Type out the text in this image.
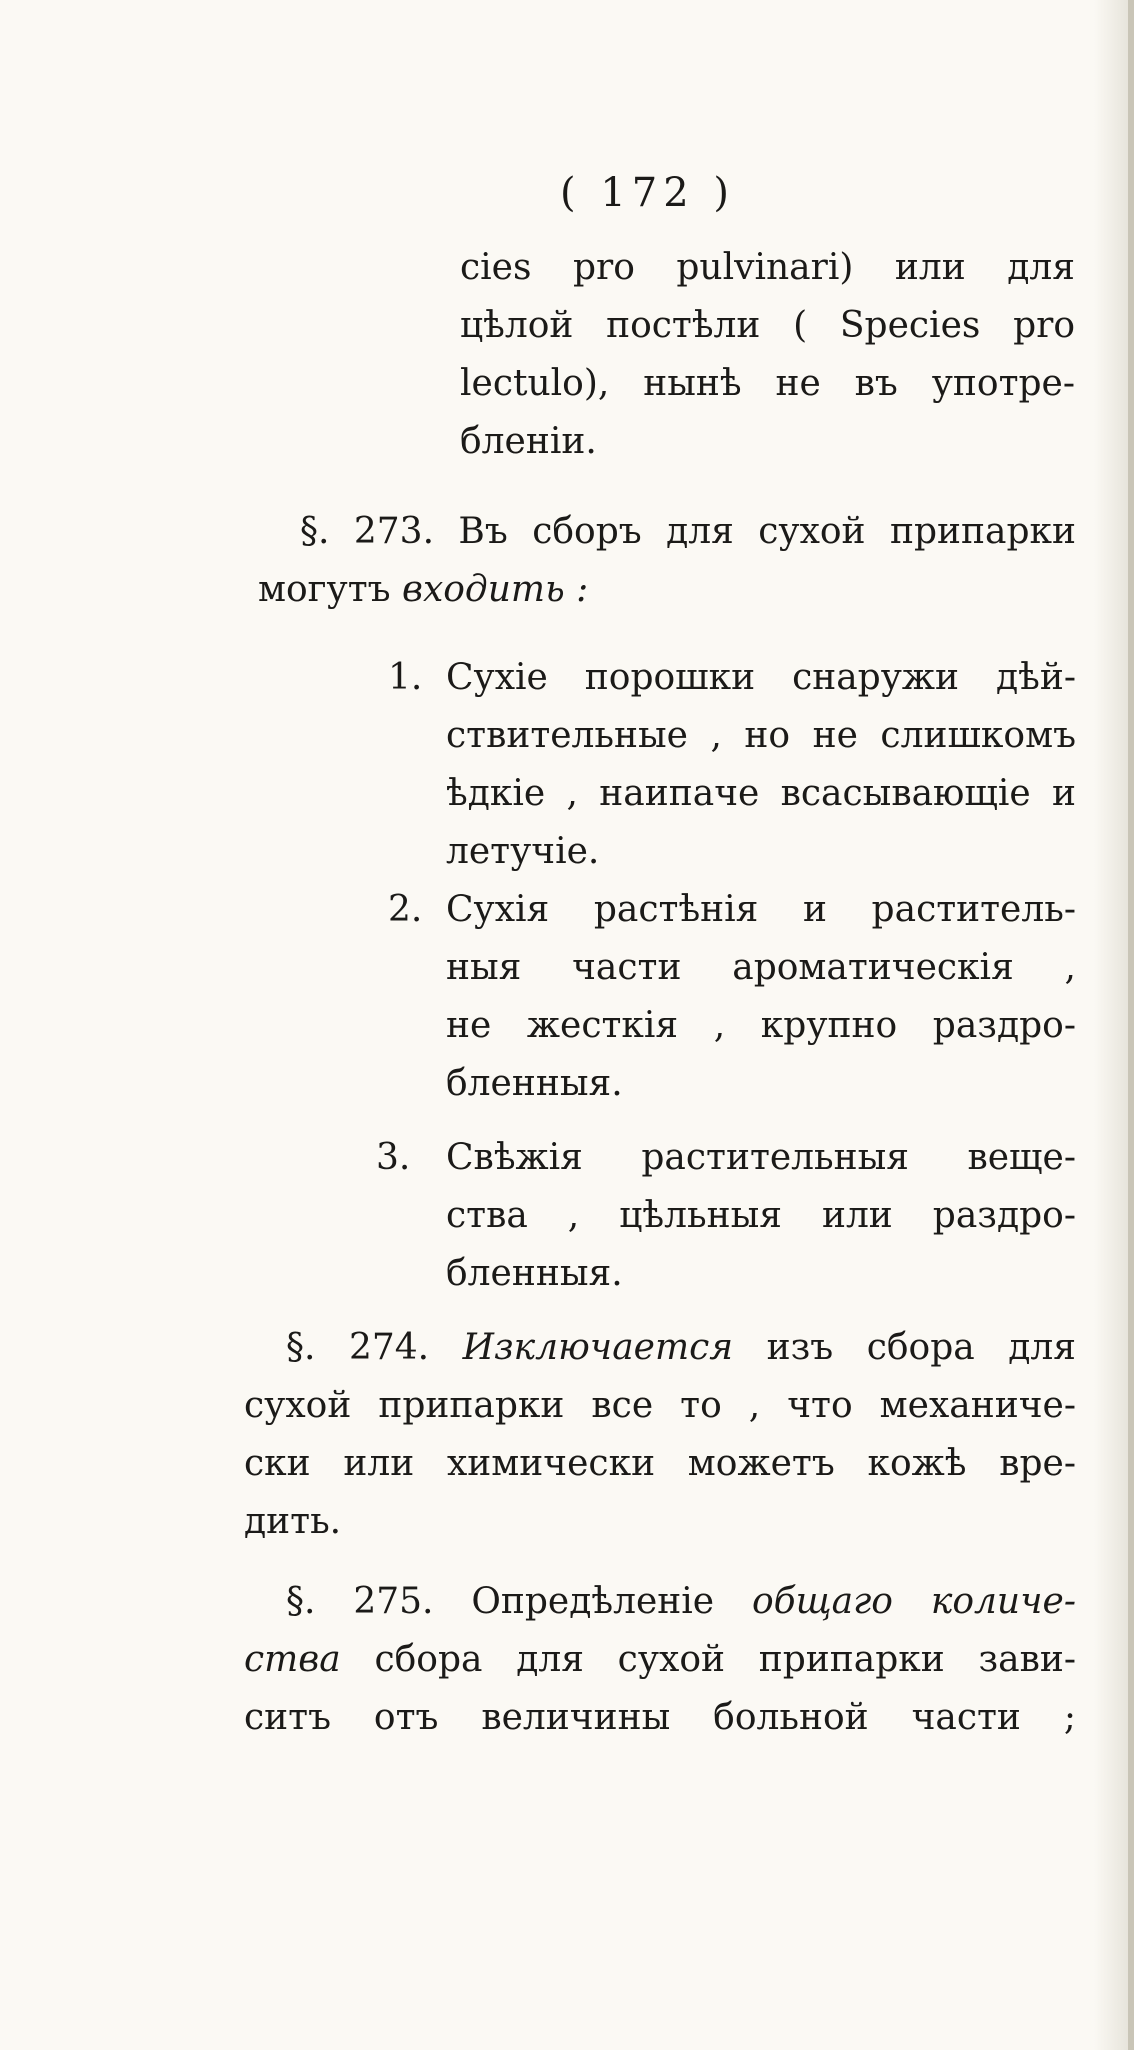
( 172 )
cies pro pulvinari) или для
цѣлой постѣли ( Species pro
lectulo), нынѣ не въ употре-
бленіи.
§. 273. Въ сборъ для сухой припарки
могутъ входить :
1. Сухіе порошки снаружи дѣй-
ствительные , но не слишкомъ
ѣдкіе , наипаче всасывающіе и
летучіе.
2. Сухія растѣнія и раститель-
ныя части ароматическія ,
не жесткія , крупно раздро-
бленныя.
3. Свѣжія растительныя веще-
ства , цѣльныя или раздро-
бленныя.
§. 274. Изключается изъ сбора для
сухой припарки все то , что механиче-
ски или химически можетъ кожѣ вре-
дить.
§. 275. Опредѣленіе общаго количе-
ства сбора для сухой припарки зави-
ситъ отъ величины больной части ;
